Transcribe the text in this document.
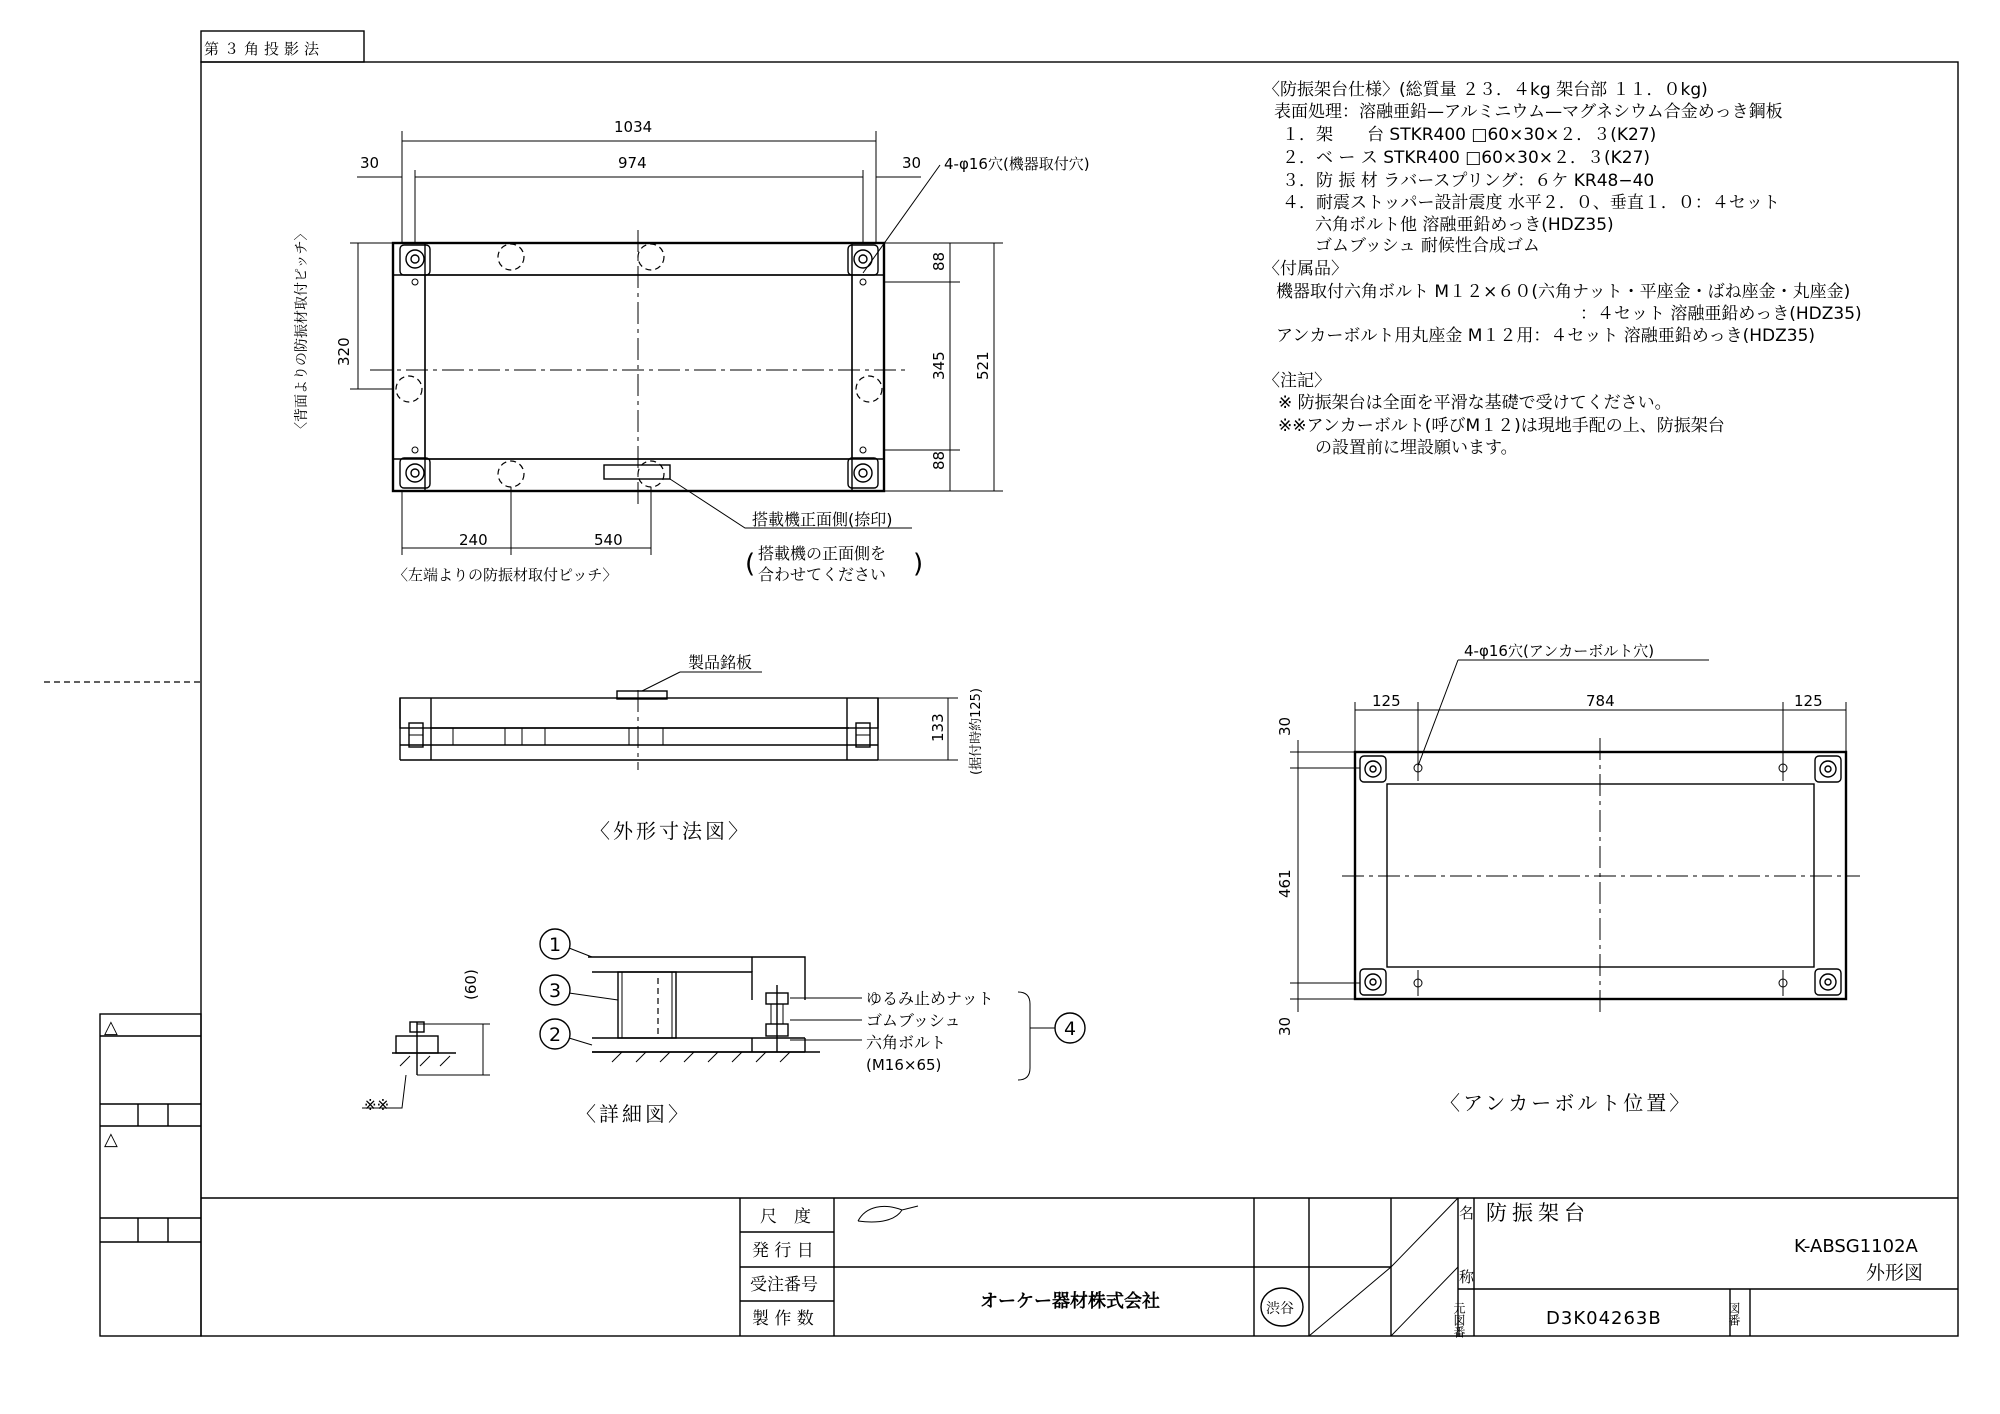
第３角投影法
1034
974
30	30 4-φ16穴(機器取付穴)
320
88
345
88
521
240	540
〈背面よりの防振材取付ピッチ〉
〈左端よりの防振材取付ピッチ〉
搭載機正面側(捺印)
搭載機の正面側を
合わせてください
(	)
製品銘板
133 (据付時約125)
〈外形寸法図〉
1
3
2	4
ゆるみ止めナット
ゴムブッシュ
六角ボルト
(M16×65)
(60)
※※	〈詳細図〉
4-φ16穴(アンカーボルト穴)
125	784	125
30
461
30
〈アンカーボルト位置〉
〈防振架台仕様〉(総質量 ２３．４kg 架台部 １１．０kg)
表面処理：溶融亜鉛—アルミニウム—マグネシウム合金めっき鋼板
１．架　　台 STKR400 □60×30×２．３(K27)
２．ベ ー ス STKR400 □60×30×２．３(K27)
３．防 振 材 ラバースプリング：６ケ KR48−40
４．耐震ストッパー設計震度 水平２．０、垂直１．０：４セット
六角ボルト他 溶融亜鉛めっき(HDZ35)
ゴムブッシュ 耐候性合成ゴム
〈付属品〉
機器取付六角ボルト M１２×６０(六角ナット・平座金・ばね座金・丸座金)
：４セット 溶融亜鉛めっき(HDZ35)
アンカーボルト用丸座金 M１２用：４セット 溶融亜鉛めっき(HDZ35)
〈注記〉
※ 防振架台は全面を平滑な基礎で受けてください。
※※アンカーボルト(呼びM１２)は現地手配の上、防振架台
の設置前に埋設願います。
△
△
尺　度
発 行 日
受注番号
製 作 数
オーケー器材株式会社	渋谷
名
称
元図番	図番
防振架台
K-ABSG1102A
外形図
D3K04263B
